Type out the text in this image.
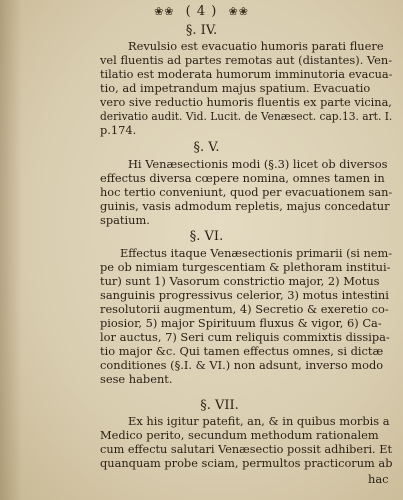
❀❀ ( 4 ) ❀❀
§. IV.
Revulsio est evacuatio humoris parati fluere
vel fluentis ad partes remotas aut (distantes). Ven-
tilatio est moderata humorum imminutoria evacua-
tio, ad impetrandum majus spatium. Evacuatio
vero sive reductio humoris fluentis ex parte vicina,
derivatio audit. Vid. Lucit. de Venæsect. cap.13. art. I.
p.174.
§. V.
Hi Venæsectionis modi (§.3) licet ob diversos
effectus diversa cœpere nomina, omnes tamen in
hoc tertio conveniunt, quod per evacuationem san-
guinis, vasis admodum repletis, majus concedatur
spatium.
§. VI.
Effectus itaque Venæsectionis primarii (si nem-
pe ob nimiam turgescentiam & plethoram institui-
tur) sunt 1) Vasorum constrictio major, 2) Motus
sanguinis progressivus celerior, 3) motus intestini
resolutorii augmentum, 4) Secretio & exeretio co-
piosior, 5) major Spirituum fluxus & vigor, 6) Ca-
lor auctus, 7) Seri cum reliquis commixtis dissipa-
tio major &c. Qui tamen effectus omnes, si dictæ
conditiones (§.I. & VI.) non adsunt, inverso modo
sese habent.
§. VII.
Ex his igitur patefit, an, & in quibus morbis a
Medico perito, secundum methodum rationalem
cum effectu salutari Venæsectio possit adhiberi. Et
quanquam probe sciam, permultos practicorum ab
hac
